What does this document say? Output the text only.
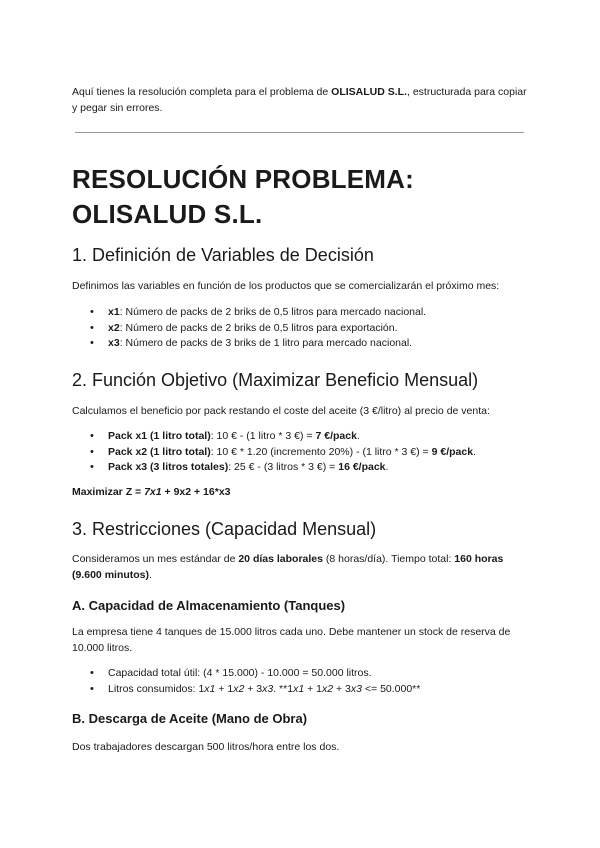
Aquí tienes la resolución completa para el problema de OLISALUD S.L., estructurada para copiar y pegar sin errores.
RESOLUCIÓN PROBLEMA: OLISALUD S.L.
1. Definición de Variables de Decisión
Definimos las variables en función de los productos que se comercializarán el próximo mes:
• x1: Número de packs de 2 briks de 0,5 litros para mercado nacional.
• x2: Número de packs de 2 briks de 0,5 litros para exportación.
• x3: Número de packs de 3 briks de 1 litro para mercado nacional.
2. Función Objetivo (Maximizar Beneficio Mensual)
Calculamos el beneficio por pack restando el coste del aceite (3 €/litro) al precio de venta:
• Pack x1 (1 litro total): 10 € - (1 litro * 3 €) = 7 €/pack.
• Pack x2 (1 litro total): 10 € * 1.20 (incremento 20%) - (1 litro * 3 €) = 9 €/pack.
• Pack x3 (3 litros totales): 25 € - (3 litros * 3 €) = 16 €/pack.
Maximizar Z = 7x1 + 9x2 + 16*x3
3. Restricciones (Capacidad Mensual)
Consideramos un mes estándar de 20 días laborales (8 horas/día). Tiempo total: 160 horas (9.600 minutos).
A. Capacidad de Almacenamiento (Tanques)
La empresa tiene 4 tanques de 15.000 litros cada uno. Debe mantener un stock de reserva de 10.000 litros.
• Capacidad total útil: (4 * 15.000) - 10.000 = 50.000 litros.
• Litros consumidos: 1x1 + 1x2 + 3x3. **1x1 + 1x2 + 3x3 <= 50.000**
B. Descarga de Aceite (Mano de Obra)
Dos trabajadores descargan 500 litros/hora entre los dos.
